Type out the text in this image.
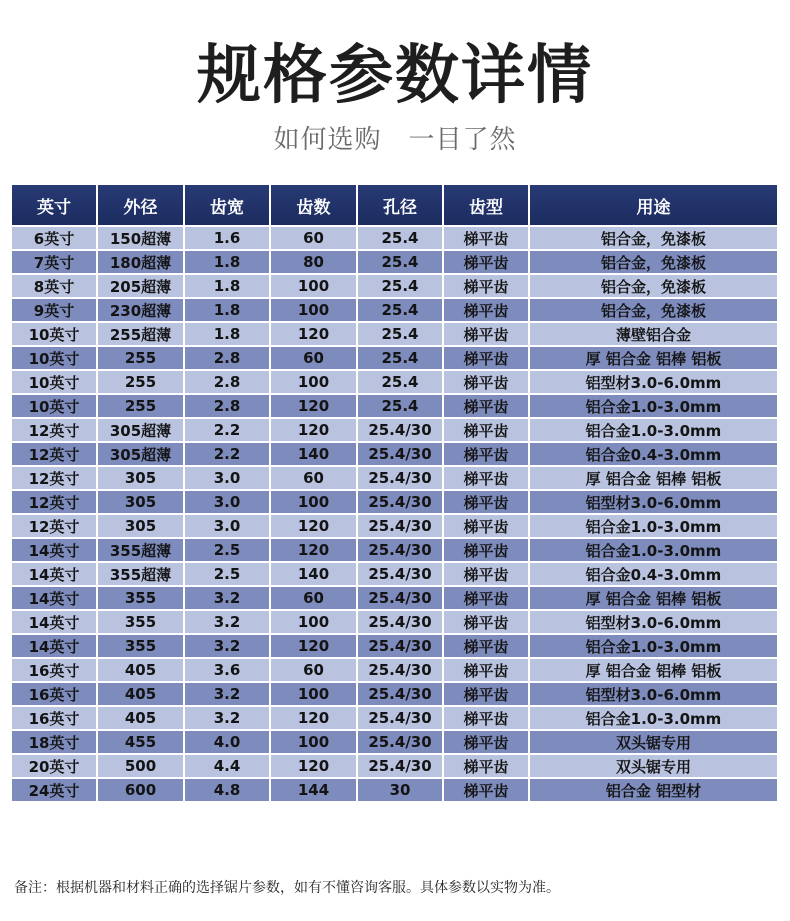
规格参数详情
如何选购　一目了然
英寸	外径	齿宽	齿数	孔径	齿型	用途
6英寸	150超薄	1.6	60	25.4	梯平齿	铝合金，免漆板
7英寸	180超薄	1.8	80	25.4	梯平齿	铝合金，免漆板
8英寸	205超薄	1.8	100	25.4	梯平齿	铝合金，免漆板
9英寸	230超薄	1.8	100	25.4	梯平齿	铝合金，免漆板
10英寸	255超薄	1.8	120	25.4	梯平齿	薄壁铝合金
10英寸	255	2.8	60	25.4	梯平齿	厚 铝合金 铝棒 铝板
10英寸	255	2.8	100	25.4	梯平齿	铝型材3.0-6.0mm
10英寸	255	2.8	120	25.4	梯平齿	铝合金1.0-3.0mm
12英寸	305超薄	2.2	120	25.4/30	梯平齿	铝合金1.0-3.0mm
12英寸	305超薄	2.2	140	25.4/30	梯平齿	铝合金0.4-3.0mm
12英寸	305	3.0	60	25.4/30	梯平齿	厚 铝合金 铝棒 铝板
12英寸	305	3.0	100	25.4/30	梯平齿	铝型材3.0-6.0mm
12英寸	305	3.0	120	25.4/30	梯平齿	铝合金1.0-3.0mm
14英寸	355超薄	2.5	120	25.4/30	梯平齿	铝合金1.0-3.0mm
14英寸	355超薄	2.5	140	25.4/30	梯平齿	铝合金0.4-3.0mm
14英寸	355	3.2	60	25.4/30	梯平齿	厚 铝合金 铝棒 铝板
14英寸	355	3.2	100	25.4/30	梯平齿	铝型材3.0-6.0mm
14英寸	355	3.2	120	25.4/30	梯平齿	铝合金1.0-3.0mm
16英寸	405	3.6	60	25.4/30	梯平齿	厚 铝合金 铝棒 铝板
16英寸	405	3.2	100	25.4/30	梯平齿	铝型材3.0-6.0mm
16英寸	405	3.2	120	25.4/30	梯平齿	铝合金1.0-3.0mm
18英寸	455	4.0	100	25.4/30	梯平齿	双头锯专用
20英寸	500	4.4	120	25.4/30	梯平齿	双头锯专用
24英寸	600	4.8	144	30	梯平齿	铝合金 铝型材
备注：根据机器和材料正确的选择锯片参数，如有不懂咨询客服。具体参数以实物为准。
